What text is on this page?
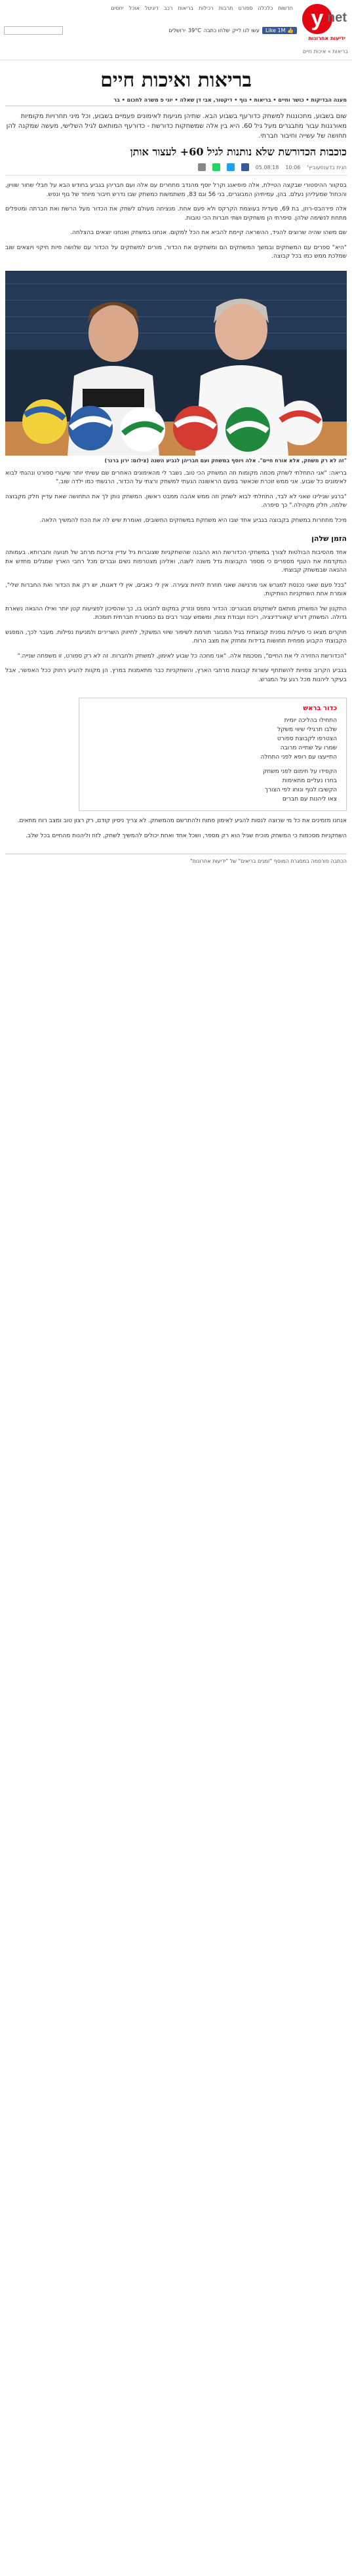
y net
ידיעות אחרונות
חדשות
כלכלה
ספורט
תרבות
רכילות
בריאות
רכב
דיגיטל
אוכל
יחסים
👍 Like 1M
עשו לנו לייק
שלחו כתבה
39°C
ירושלים
בריאות » איכות חיים
בריאות ואיכות חיים
מענה הבדיקות • כושר וחיים • בריאות • גוף • דיקטור, אבי דן שאלה • יוני פ משרה לחכום • בר

שום בשבוע, מתכוננות למשחק כדורעף בשבוע הבא. שתיהן מגיעות לאימונים פעמיים בשבוע, וכל מיני תחרויות מקומיות מאורגנות עבור מתבגרים מעל גיל 60. היא בין אלה שמשחקות כדורשת - כדורעף המותאם לגיל השלישי, מעשה שמקנה להן תחושה של עשייה וחיבור חברתי.

כוכבות הכדורשת שלא נותנות לגיל 60+ לעצור אותן
חגית בדענסעוביץ'
10:06
05.08.18

בסקוור ההיסטורי שבקצה הטיילת, אלה פופיאנג וקרל יוסף מהנדב מתחרים עם אלה ועם חבריהן בגביע בחודש הבא על חבלי שחור שוויון, והכחול שמעליהן נעלם. בהן, עמיתיהן המבוגרים, בני 56 וגם 83, משתמשות כמשחק שבו נדרש חיבור מיוחד של גוף ונפש.

אלה פירהבס-רוזן, בת 69, סעדית בעוצמת הקרקס ולא פעם אחת. מנציחה מעולם לשחק את הכדור מעל הרשת ואת חברתה ומטפלים מתחת לנשימה שלהן. סיפרתי הן משחקים ושתי חברות הכי טובות.

שם משהו שהיה שרוצים להגיד, ההשראה קיימת להביא את הכל למקום. אנחנו במשחק ואנחנו יוצאים בהצלחה.

"היא" ספרים עם המשחקים ובמשך המשחקים הם ומשחקים את הכדור, מורים למשחקים על הכדור עם שלושה פיות חיקוי ויוצאים שוב שמלכת ממש כמו בכל קבוצה.

"זה לא רק משחק, אלא אורח חיים". אלה ויוסף במשחק ועם חבריהן לגביע השנה (צילום: ירון ברנר)

בריאה: "אני התחלתי לשחק מכמה מקומות וזה המשחק הכי טוב. נשבר לי מהאימונים האחרים שם עשיתי יותר שיעורי ספורט ונהגתי לבוא לאימונים כל שבוע. אני ממש זוכרת שכאשר בפעם הראשונה הגעתי למשחק ורצתי על הכדור, הרגשתי כמו ילדה שוב."

"ברגע שגילינו שאני לא לבד, התחלתי לבוא לשחק וזה ממש אהבה ממבט ראשון. המשחק נותן לך את התחושה שאת עדיין חלק מקבוצה שלמה, חלק מקהילה." כך סיפרה.

מיכל מתחרות במשחק בקבוצה בגביע אחד שבו היא משחקת במשחקים החשובים, ואומרת שיש לה את הכח להמשיך הלאה.

הזמן שלהן

אחד מהסיבות הבולטות לצורך במשחקי הכדורשת הוא ההבנה שהשחקניות שצוברות גיל עדיין צריכות מרחב של תנועה וחברותא. בעמותה המקדמת את הענף מספרים כי מספר הקבוצות גדל משנה לשנה, ואליהן מצטרפות נשים וגברים מכל רחבי הארץ שמגלים מחדש את ההנאה שבמשחק קבוצתי.

"בכל פעם שאני נכנסת למגרש אני מרגישה שאני חוזרת להיות צעירה. אין לי כאבים, אין לי דאגות, יש רק את הכדור ואת החברות שלי", אומרת אחת השחקניות הוותיקות.

התקנון של המשחק מותאם לשחקנים מבוגרים: הכדור נתפס ונזרק במקום לחבוט בו, כך שהסיכון לפציעות קטן יותר ואילו ההנאה נשארת גדולה. המשחק דורש קואורדינציה, ריכוז ועבודת צוות, ומשמש עבור רבים גם כמסגרת חברתית תומכת.

חוקרים מצאו כי פעילות גופנית קבוצתית בגיל המבוגר תורמת לשיפור שיווי המשקל, לחיזוק השרירים ולמניעת נפילות. מעבר לכך, המפגש הקבוצתי הקבוע מפחית תחושות בדידות ומחזק את מצב הרוח.

"הכדורשת החזירה לי את החיים", מסכמת אלה. "אני מחכה כל שבוע לאימון, למשחק ולחברות. זה לא רק ספורט, זו משפחה שנייה."

בגביע הקרוב צפויות להשתתף עשרות קבוצות מרחבי הארץ, והשחקניות כבר מתאמנות במרץ. הן מקוות להגיע רחוק ככל האפשר, אבל בעיקר ליהנות מכל רגע על המגרש.

כדור בראש
התחילו בהליכה יומית
שלבו תרגילי שיווי משקל
הצטרפו לקבוצת ספורט
שמרו על שתייה מרובה
התייעצו עם רופא לפני התחלה
הקפידו על חימום לפני משחק
בחרו נעליים מתאימות
הקשיבו לגוף ונוחו לפי הצורך
צאו ליהנות עם חברים

אנחנו מזמינים את כל מי שרוצה לנסות להגיע לאימון פתוח ולהתרשם מהמשחק. לא צריך ניסיון קודם, רק רצון טוב ומצב רוח מתאים.

השחקניות מסכמות כי המשחק מוכיח שגיל הוא רק מספר, ושכל אחד ואחת יכולים להמשיך לשחק, לזוז וליהנות מהחיים בכל שלב.

הכתבה פורסמה במסגרת המוסף "זמנים בריאים" של "ידיעות אחרונות"
